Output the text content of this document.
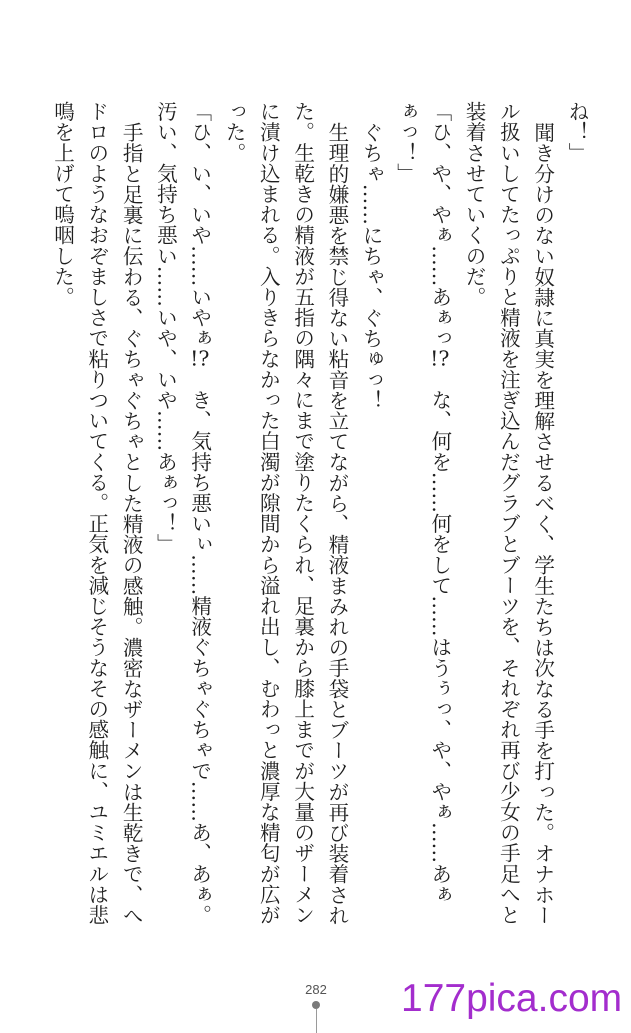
ね！」
聞き分けのない奴隷に真実を理解させるべく、学生たちは次なる手を打った。オナホー
ル扱いしてたっぷりと精液を注ぎ込んだグラブとブーツを、それぞれ再び少女の手足へと
装着させていくのだ。
「ひ、や、やぁ……あぁっ!?　な、何を……何をして……はうぅっ、や、やぁ……あぁ
ぁっ！」
ぐちゃ……にちゃ、ぐちゅっ！
生理的嫌悪を禁じ得ない粘音を立てながら、精液まみれの手袋とブーツが再び装着され
た。生乾きの精液が五指の隅々にまで塗りたくられ、足裏から膝上までが大量のザーメン
に漬け込まれる。入りきらなかった白濁が隙間から溢れ出し、むわっと濃厚な精匂が広が
った。
「ひ、い、いや……いやぁ!?　き、気持ち悪いぃ……精液ぐちゃぐちゃで……あ、あぁ。
汚い、気持ち悪い……いや、いや……あぁっ！」
手指と足裏に伝わる、ぐちゃぐちゃとした精液の感触。濃密なザーメンは生乾きで、へ
ドロのようなおぞましさで粘りついてくる。正気を減じそうなその感触に、ユミエルは悲
鳴を上げて嗚咽した。
282 177pica.com
